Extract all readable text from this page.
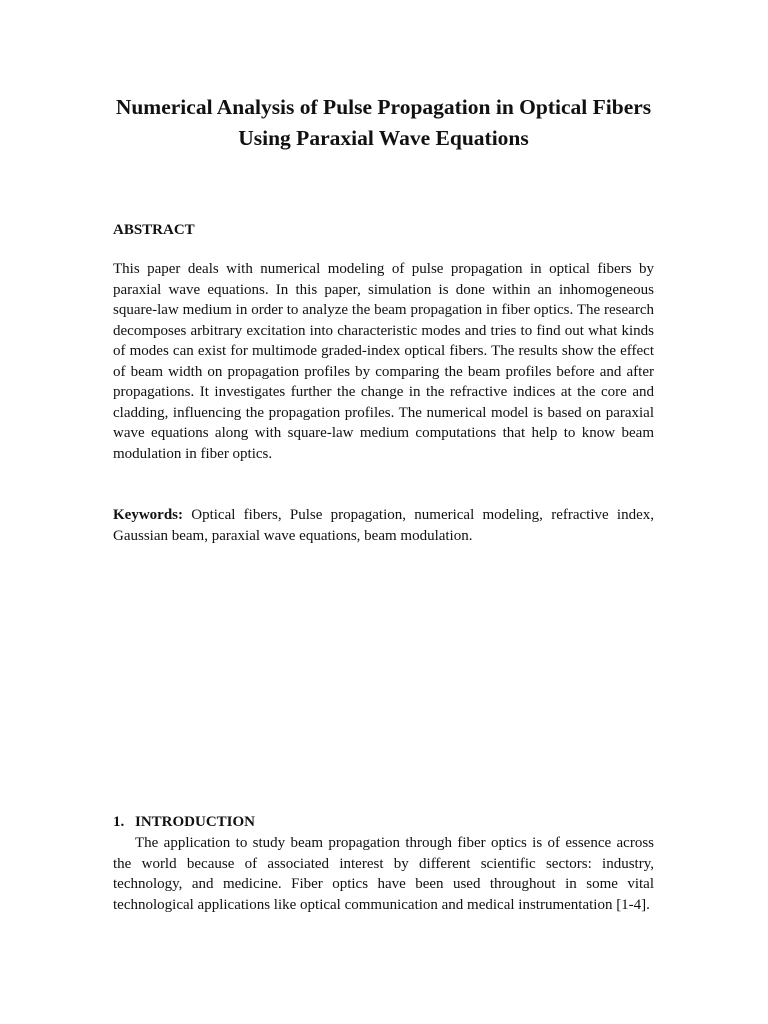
Numerical Analysis of Pulse Propagation in Optical Fibers Using Paraxial Wave Equations
ABSTRACT

This paper deals with numerical modeling of pulse propagation in optical fibers by paraxial wave equations. In this paper, simulation is done within an inhomogeneous square-law medium in order to analyze the beam propagation in fiber optics. The research decomposes arbitrary excitation into characteristic modes and tries to find out what kinds of modes can exist for multimode graded-index optical fibers. The results show the effect of beam width on propagation profiles by comparing the beam profiles before and after propagations. It investigates further the change in the refractive indices at the core and cladding, influencing the propagation profiles. The numerical model is based on paraxial wave equations along with square-law medium computations that help to know beam modulation in fiber optics.

Keywords: Optical fibers, Pulse propagation, numerical modeling, refractive index, Gaussian beam, paraxial wave equations, beam modulation.

1. INTRODUCTION

The application to study beam propagation through fiber optics is of essence across the world because of associated interest by different scientific sectors: industry, technology, and medicine. Fiber optics have been used throughout in some vital technological applications like optical communication and medical instrumentation [1-4].
